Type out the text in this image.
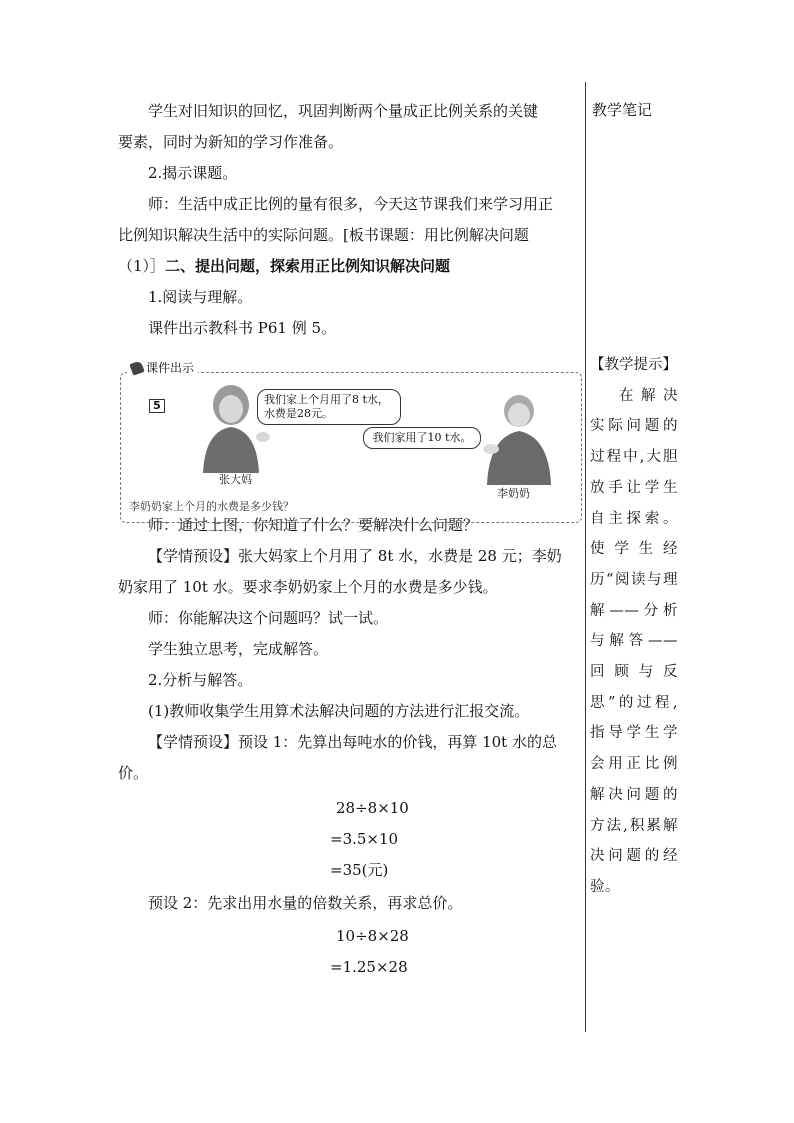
教学笔记
【教学提示】
在解决实际问题的过程中,大胆放手让学生自主探索。使学生经历“阅读与理解——分析与解答——回顾与反思”的过程,指导学生学会用正比例解决问题的方法,积累解决问题的经验。

学生对旧知识的回忆，巩固判断两个量成正比例关系的关键

要素，同时为新知的学习作准备。

2.揭示课题。

师：生活中成正比例的量有很多，今天这节课我们来学习用正

比例知识解决生活中的实际问题。[板书课题：用比例解决问题

（1）］二、提出问题，探索用正比例知识解决问题

1.阅读与理解。

课件出示教科书 P61 例 5。

师：通过上图，你知道了什么？要解决什么问题？

【学情预设】张大妈家上个月用了 8t 水，水费是 28 元；李奶

奶家用了 10t 水。要求李奶奶家上个月的水费是多少钱。

师：你能解决这个问题吗？试一试。

学生独立思考，完成解答。

2.分析与解答。

(1)教师收集学生用算术法解决问题的方法进行汇报交流。

【学情预设】预设 1：先算出每吨水的价钱，再算 10t 水的总

价。

28÷8×10
=3.5×10
=35(元)

预设 2：先求出用水量的倍数关系，再求总价。

10÷8×28
=1.25×28
课件出示
5
张大妈
我们家上个月用了8 t水，水费是28元。
我们家用了10 t水。
李奶奶
李奶奶家上个月的水费是多少钱？
